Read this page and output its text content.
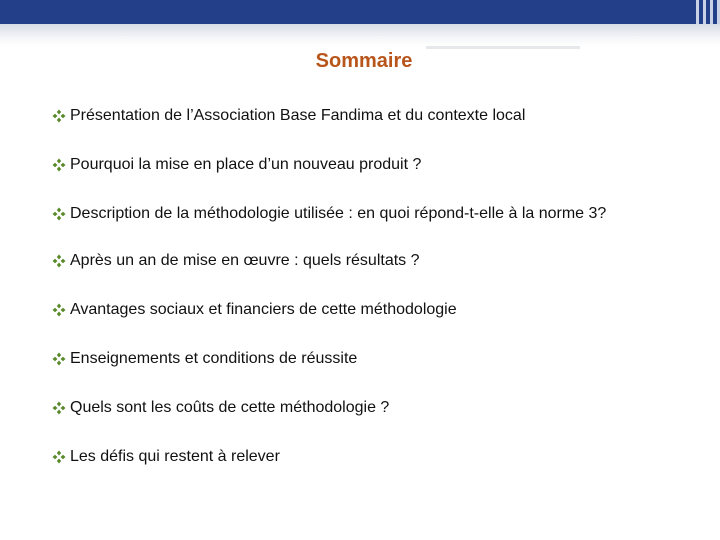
Sommaire
Présentation de l’Association Base Fandima et du contexte local
Pourquoi la mise en place d’un nouveau produit ?
Description de la méthodologie utilisée : en quoi répond-t-elle à la norme 3?
Après un an de mise en œuvre : quels résultats ?
Avantages sociaux et financiers de cette méthodologie
Enseignements et conditions de réussite
Quels sont les coûts de cette méthodologie ?
Les défis qui restent à relever
